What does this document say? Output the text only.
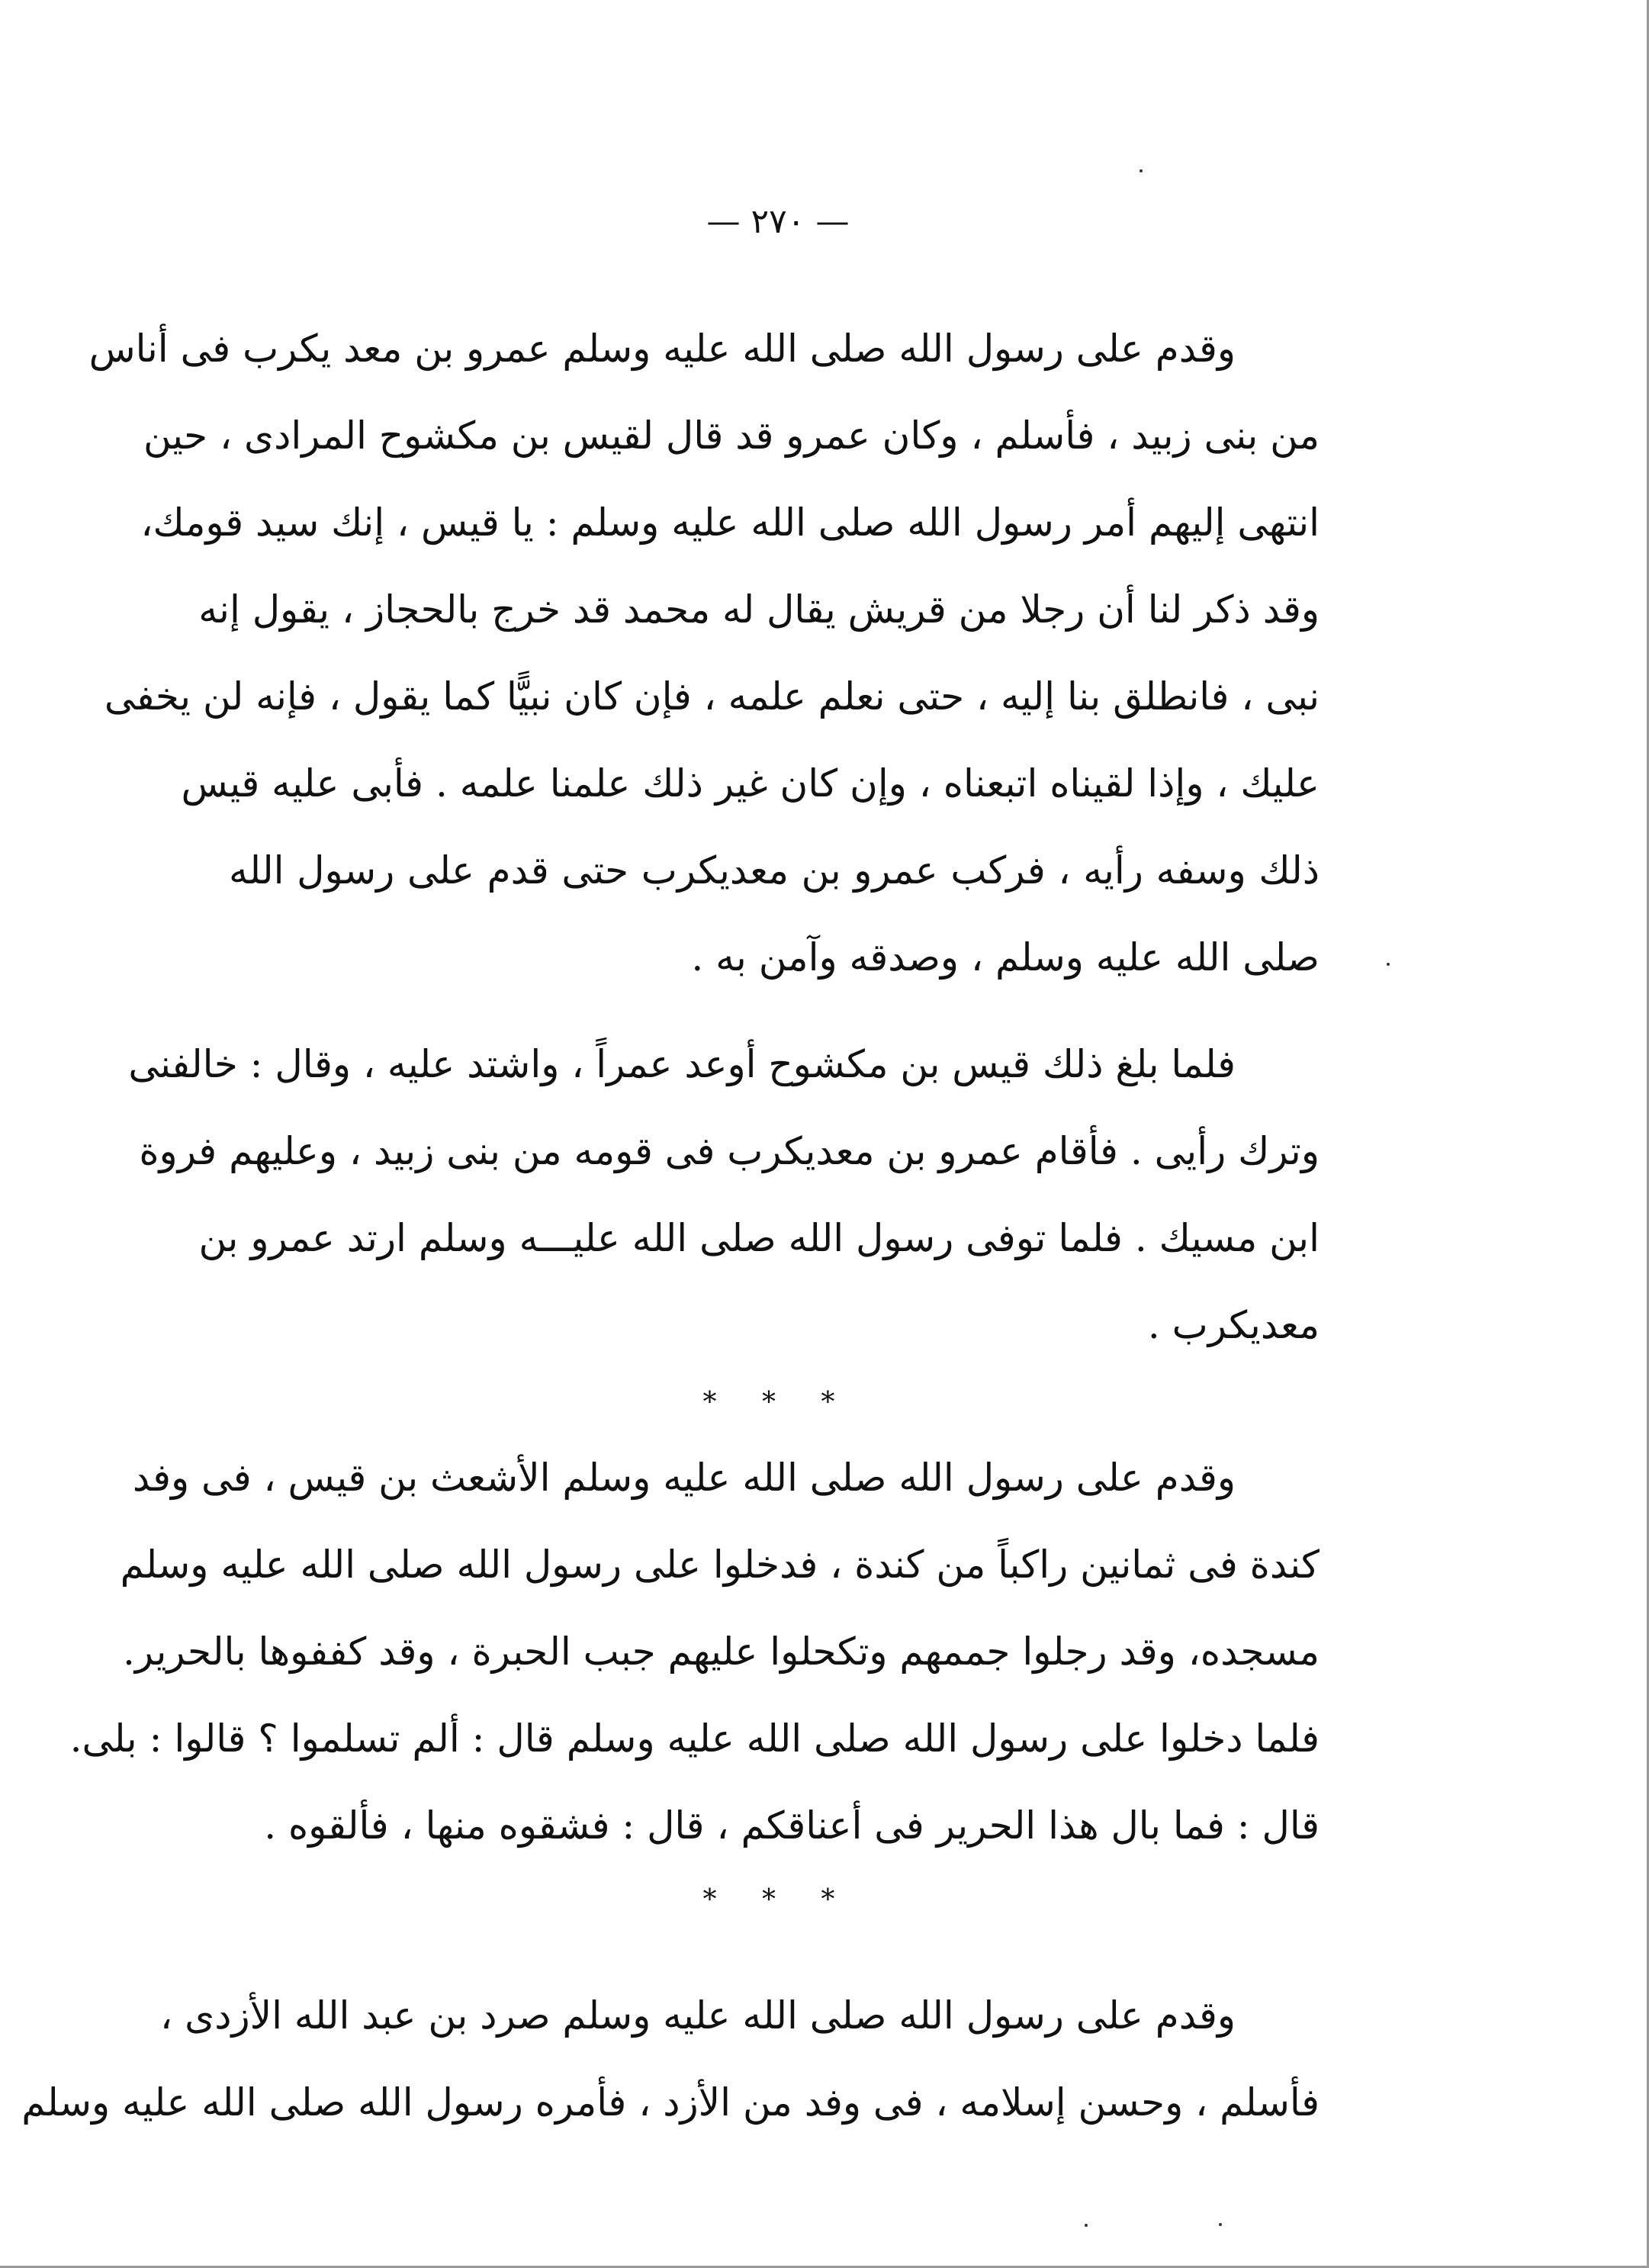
— ٢٧٠ —
وقدم على رسول الله صلى الله عليه وسلم عمرو بن معد يكرب فى أناس
من بنى زبيد ، فأسلم ، وكان عمرو قد قال لقيس بن مكشوح المرادى ، حين
انتهى إليهم أمر رسول الله صلى الله عليه وسلم : يا قيس ، إنك سيد قومك،
وقد ذكر لنا أن رجلا من قريش يقال له محمد قد خرج بالحجاز ، يقول إنه
نبى ، فانطلق بنا إليه ، حتى نعلم علمه ، فإن كان نبيًّا كما يقول ، فإنه لن يخفى
عليك ، وإذا لقيناه اتبعناه ، وإن كان غير ذلك علمنا علمه . فأبى عليه قيس
ذلك وسفه رأيه ، فركب عمرو بن معديكرب حتى قدم على رسول الله
صلى الله عليه وسلم ، وصدقه وآمن به .
فلما بلغ ذلك قيس بن مكشوح أوعد عمراً ، واشتد عليه ، وقال : خالفنى
وترك رأيى . فأقام عمرو بن معديكرب فى قومه من بنى زبيد ، وعليهم فروة
ابن مسيك . فلما توفى رسول الله صلى الله عليـــه وسلم ارتد عمرو بن
معديكرب .
* * *
وقدم على رسول الله صلى الله عليه وسلم الأشعث بن قيس ، فى وفد
كندة فى ثمانين راكباً من كندة ، فدخلوا على رسول الله صلى الله عليه وسلم
مسجده، وقد رجلوا جممهم وتكحلوا عليهم جبب الحبرة ، وقد كففوها بالحرير.
فلما دخلوا على رسول الله صلى الله عليه وسلم قال : ألم تسلموا ؟ قالوا : بلى.
قال : فما بال هذا الحرير فى أعناقكم ، قال : فشقوه منها ، فألقوه .
* * *
وقدم على رسول الله صلى الله عليه وسلم صرد بن عبد الله الأزدى ،
فأسلم ، وحسن إسلامه ، فى وفد من الأزد ، فأمره رسول الله صلى الله عليه وسلم
